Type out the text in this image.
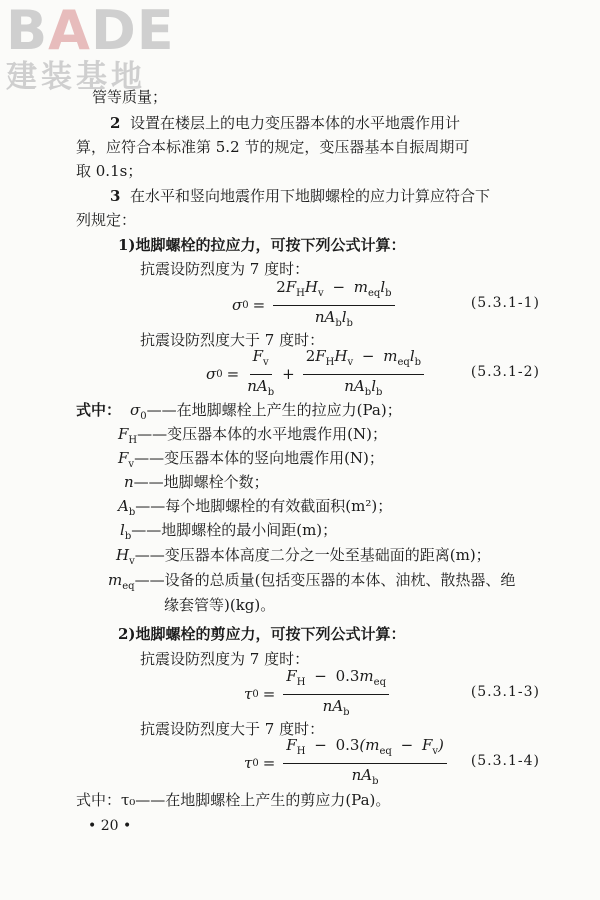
BADE
建装基地
管等质量；
2 设置在楼层上的电力变压器本体的水平地震作用计
算，应符合本标准第 5.2 节的规定，变压器基本自振周期可
取 0.1s；
3 在水平和竖向地震作用下地脚螺栓的应力计算应符合下
列规定：
1)地脚螺栓的拉应力，可按下列公式计算：
抗震设防烈度为 7 度时：
σ $0 = \frac{2F_HH_v - m_{eq}l_b}{nA_bl_b}$	(5.3.1-1)
抗震设防烈度大于 7 度时：
σ $0 = \frac{F_v}{nA_b} + \frac{2F_HH_v - m_{eq}l_b}{nA_bl_b}$	(5.3.1-2)
式中： $\sigma_0——$在地脚螺栓上产生的拉应力(Pa)；
$F_H——$变压器本体的水平地震作用(N)；
$F_v——$变压器本体的竖向地震作用(N)；
n——地脚螺栓个数；
$A_b——$每个地脚螺栓的有效截面积(m²)；
$l_b——$地脚螺栓的最小间距(m)；
$H_v——$变压器本体高度二分之一处至基础面的距离(m)；
$m_{eq}——$设备的总质量(包括变压器的本体、油枕、散热器、绝
缘套管等)(kg)。
2)地脚螺栓的剪应力，可按下列公式计算：
抗震设防烈度为 7 度时：
τ $0 = \frac{F_H - 0.3m_{eq}}{nA_b}$	(5.3.1-3)
抗震设防烈度大于 7 度时：
τ $0 = \frac{F_H - 0.3(m_{eq} - F_v)}{nA_b} (5.3.1-4)$
式中：τ₀——在地脚螺栓上产生的剪应力(Pa)。
• 20 •
